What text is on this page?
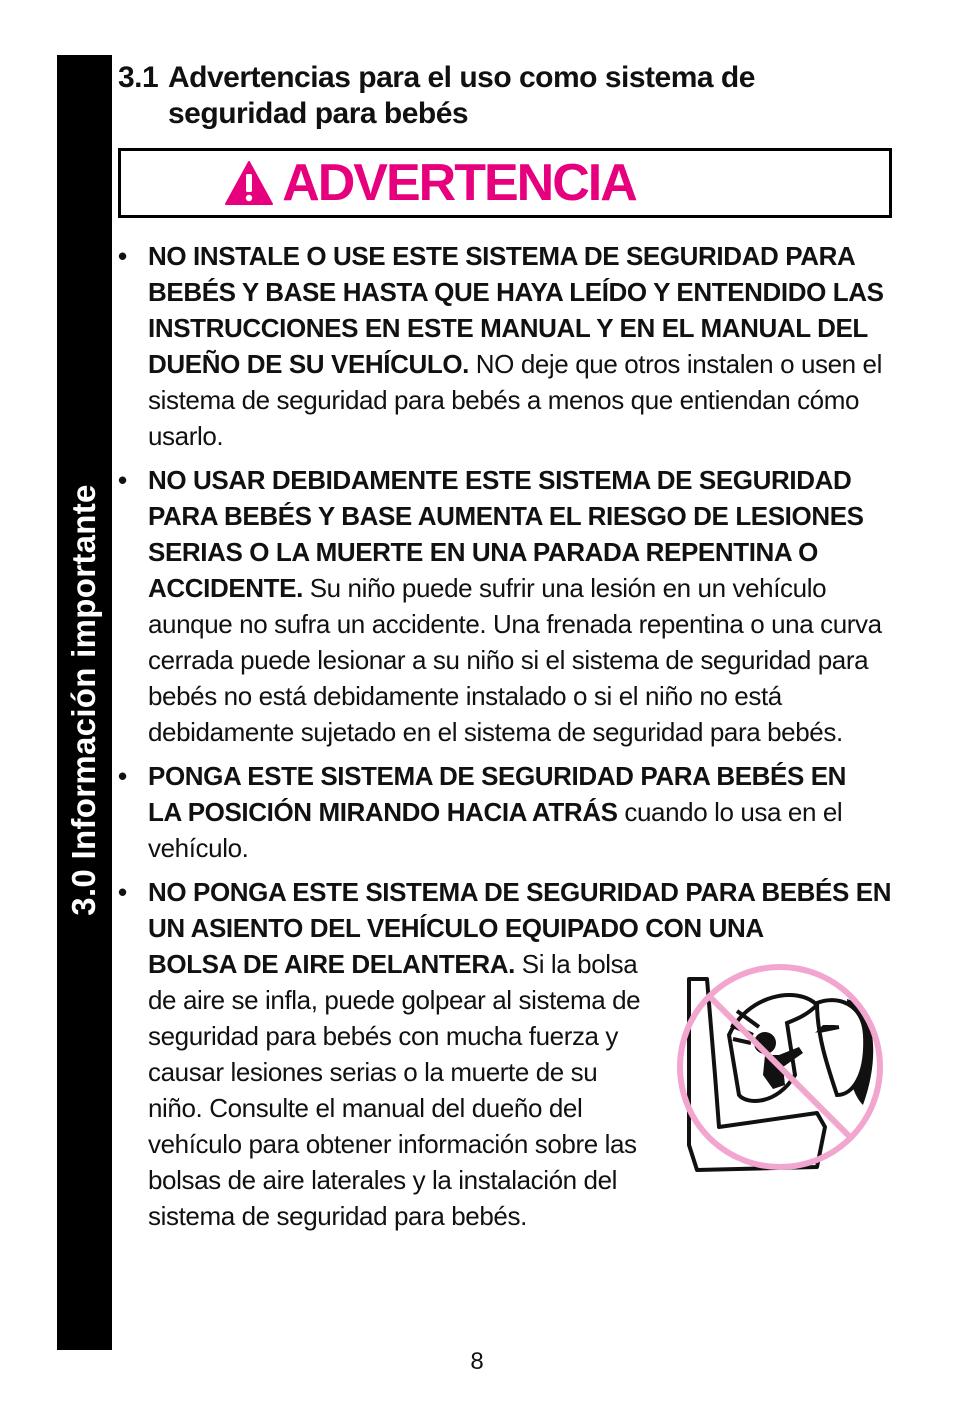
3.0 Información importante
3.1 Advertencias para el uso como sistema de
seguridad para bebés
ADVERTENCIA
• NO INSTALE O USE ESTE SISTEMA DE SEGURIDAD PARA BEBÉS Y BASE HASTA QUE HAYA LEÍDO Y ENTENDIDO LAS INSTRUCCIONES EN ESTE MANUAL Y EN EL MANUAL DEL DUEÑO DE SU VEHÍCULO. NO deje que otros instalen o usen el sistema de seguridad para bebés a menos que entiendan cómo usarlo.
• NO USAR DEBIDAMENTE ESTE SISTEMA DE SEGURIDAD PARA BEBÉS Y BASE AUMENTA EL RIESGO DE LESIONES SERIAS O LA MUERTE EN UNA PARADA REPENTINA O ACCIDENTE. Su niño puede sufrir una lesión en un vehículo aunque no sufra un accidente. Una frenada repentina o una curva cerrada puede lesionar a su niño si el sistema de seguridad para bebés no está debidamente instalado o si el niño no está debidamente sujetado en el sistema de seguridad para bebés.
• PONGA ESTE SISTEMA DE SEGURIDAD PARA BEBÉS EN LA POSICIÓN MIRANDO HACIA ATRÁS cuando lo usa en el vehículo.
• NO PONGA ESTE SISTEMA DE SEGURIDAD PARA BEBÉS EN UN ASIENTO DEL VEHÍCULO EQUIPADO CON UNA
BOLSA DE AIRE DELANTERA. Si la bolsa de aire se infla, puede golpear al sistema de seguridad para bebés con mucha fuerza y causar lesiones serias o la muerte de su niño. Consulte el manual del dueño del vehículo para obtener información sobre las bolsas de aire laterales y la instalación del sistema de seguridad para bebés.
8
